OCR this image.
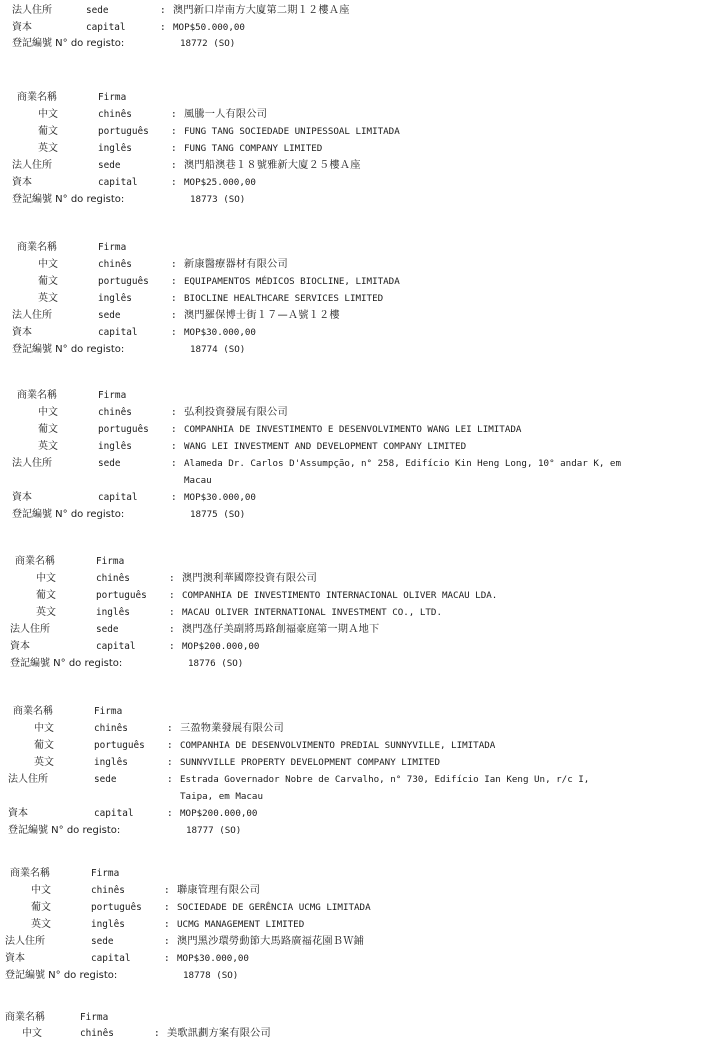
法人住所	sede	: 澳門新口岸南方大廈第二期１２樓Ａ座
資本	capital	: MOP$50.000,00
登記編號 N° do registo:	18772 (SO)
商業名稱	Firma
中文	chinês	: 風騰一人有限公司
葡文	português : FUNG TANG SOCIEDADE UNIPESSOAL LIMITADA
英文	inglês	: FUNG TANG COMPANY LIMITED
法人住所	sede	: 澳門船澳巷１８號雅新大廈２５樓Ａ座
資本	capital	: MOP$25.000,00
登記編號 N° do registo:	18773 (SO)
商業名稱	Firma
中文	chinês	: 新康醫療器材有限公司
葡文	português : EQUIPAMENTOS MÉDICOS BIOCLINE, LIMITADA
英文	inglês	: BIOCLINE HEALTHCARE SERVICES LIMITED
法人住所	sede	: 澳門羅保博士街１７—Ａ號１２樓
資本	capital	: MOP$30.000,00
登記編號 N° do registo:	18774 (SO)
商業名稱	Firma
中文	chinês	: 弘利投資發展有限公司
葡文	português : COMPANHIA DE INVESTIMENTO E DESENVOLVIMENTO WANG LEI LIMITADA
英文	inglês	: WANG LEI INVESTMENT AND DEVELOPMENT COMPANY LIMITED
法人住所	sede	: Alameda Dr. Carlos D'Assumpção, n° 258, Edifício Kin Heng Long, 10° andar K, em
Macau
資本	capital	: MOP$30.000,00
登記編號 N° do registo:	18775 (SO)
商業名稱	Firma
中文	chinês	: 澳門澳利華國際投資有限公司
葡文	português : COMPANHIA DE INVESTIMENTO INTERNACIONAL OLIVER MACAU LDA.
英文	inglês	: MACAU OLIVER INTERNATIONAL INVESTMENT CO., LTD.
法人住所	sede	: 澳門氹仔美副將馬路創福豪庭第一期Ａ地下
資本	capital	: MOP$200.000,00
登記編號 N° do registo:	18776 (SO)
商業名稱	Firma
中文	chinês	: 三盈物業發展有限公司
葡文	português : COMPANHIA DE DESENVOLVIMENTO PREDIAL SUNNYVILLE, LIMITADA
英文	inglês	: SUNNYVILLE PROPERTY DEVELOPMENT COMPANY LIMITED
法人住所	sede	: Estrada Governador Nobre de Carvalho, n° 730, Edifício Ian Keng Un, r/c I,
Taipa, em Macau
資本	capital	: MOP$200.000,00
登記編號 N° do registo:	18777 (SO)
商業名稱	Firma
中文	chinês	: 聯康管理有限公司
葡文	português : SOCIEDADE DE GERÊNCIA UCMG LIMITADA
英文	inglês	: UCMG MANAGEMENT LIMITED
法人住所	sede	: 澳門黑沙環勞動節大馬路廣福花園ＢＷ鋪
資本	capital	: MOP$30.000,00
登記編號 N° do registo:	18778 (SO)
商業名稱	Firma
中文	chinês	: 美歌訊劃方案有限公司
